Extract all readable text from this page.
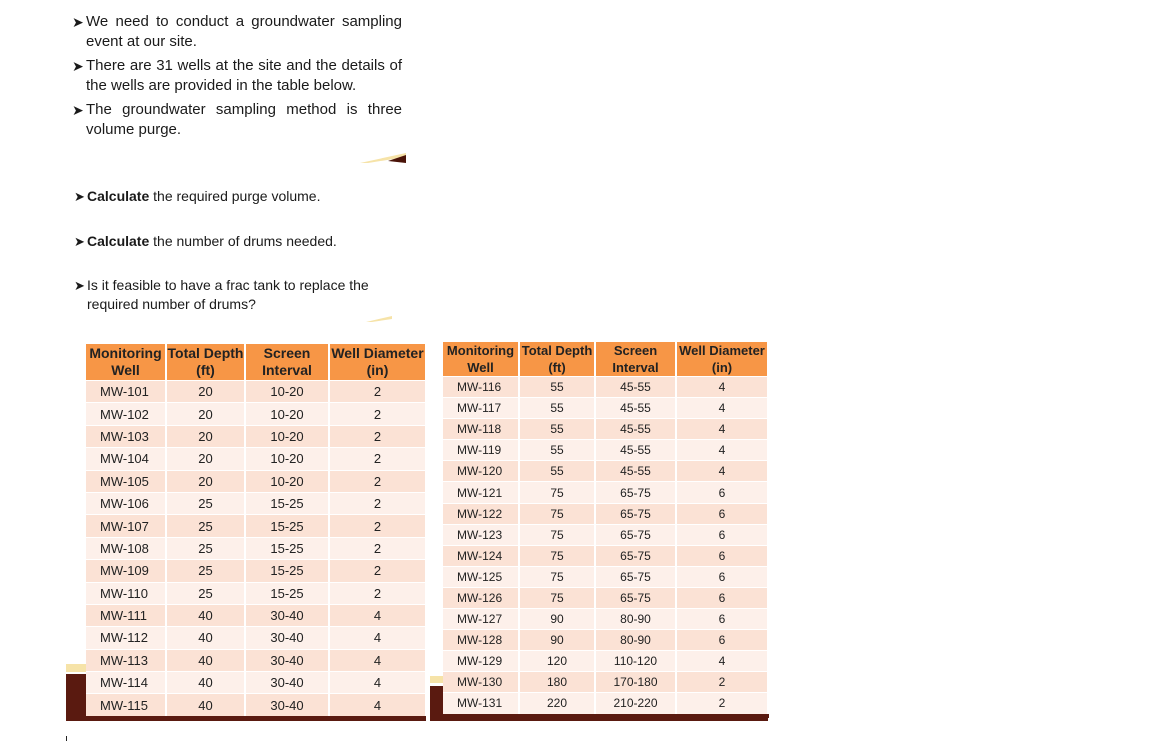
➤ We need to conduct a groundwater sampling event at our site.
➤ There are 31 wells at the site and the details of the wells are provided in the table below.
➤ The groundwater sampling method is three volume purge.
➤ Calculate the required purge volume.
➤ Calculate the number of drums needed.
➤ Is it feasible to have a frac tank to replace the required number of drums?
Monitoring Well	Total Depth (ft)	Screen Interval	Well Diameter (in)
MW-101	20	10-20	2
MW-102	20	10-20	2
MW-103	20	10-20	2
MW-104	20	10-20	2
MW-105	20	10-20	2
MW-106	25	15-25	2
MW-107	25	15-25	2
MW-108	25	15-25	2
MW-109	25	15-25	2
MW-110	25	15-25	2
MW-111	40	30-40	4
MW-112	40	30-40	4
MW-113	40	30-40	4
MW-114	40	30-40	4
MW-115	40	30-40	4
Monitoring Well	Total Depth (ft)	Screen Interval	Well Diameter (in)
MW-116	55	45-55	4
MW-117	55	45-55	4
MW-118	55	45-55	4
MW-119	55	45-55	4
MW-120	55	45-55	4
MW-121	75	65-75	6
MW-122	75	65-75	6
MW-123	75	65-75	6
MW-124	75	65-75	6
MW-125	75	65-75	6
MW-126	75	65-75	6
MW-127	90	80-90	6
MW-128	90	80-90	6
MW-129	120	110-120	4
MW-130	180	170-180	2
MW-131	220	210-220	2
